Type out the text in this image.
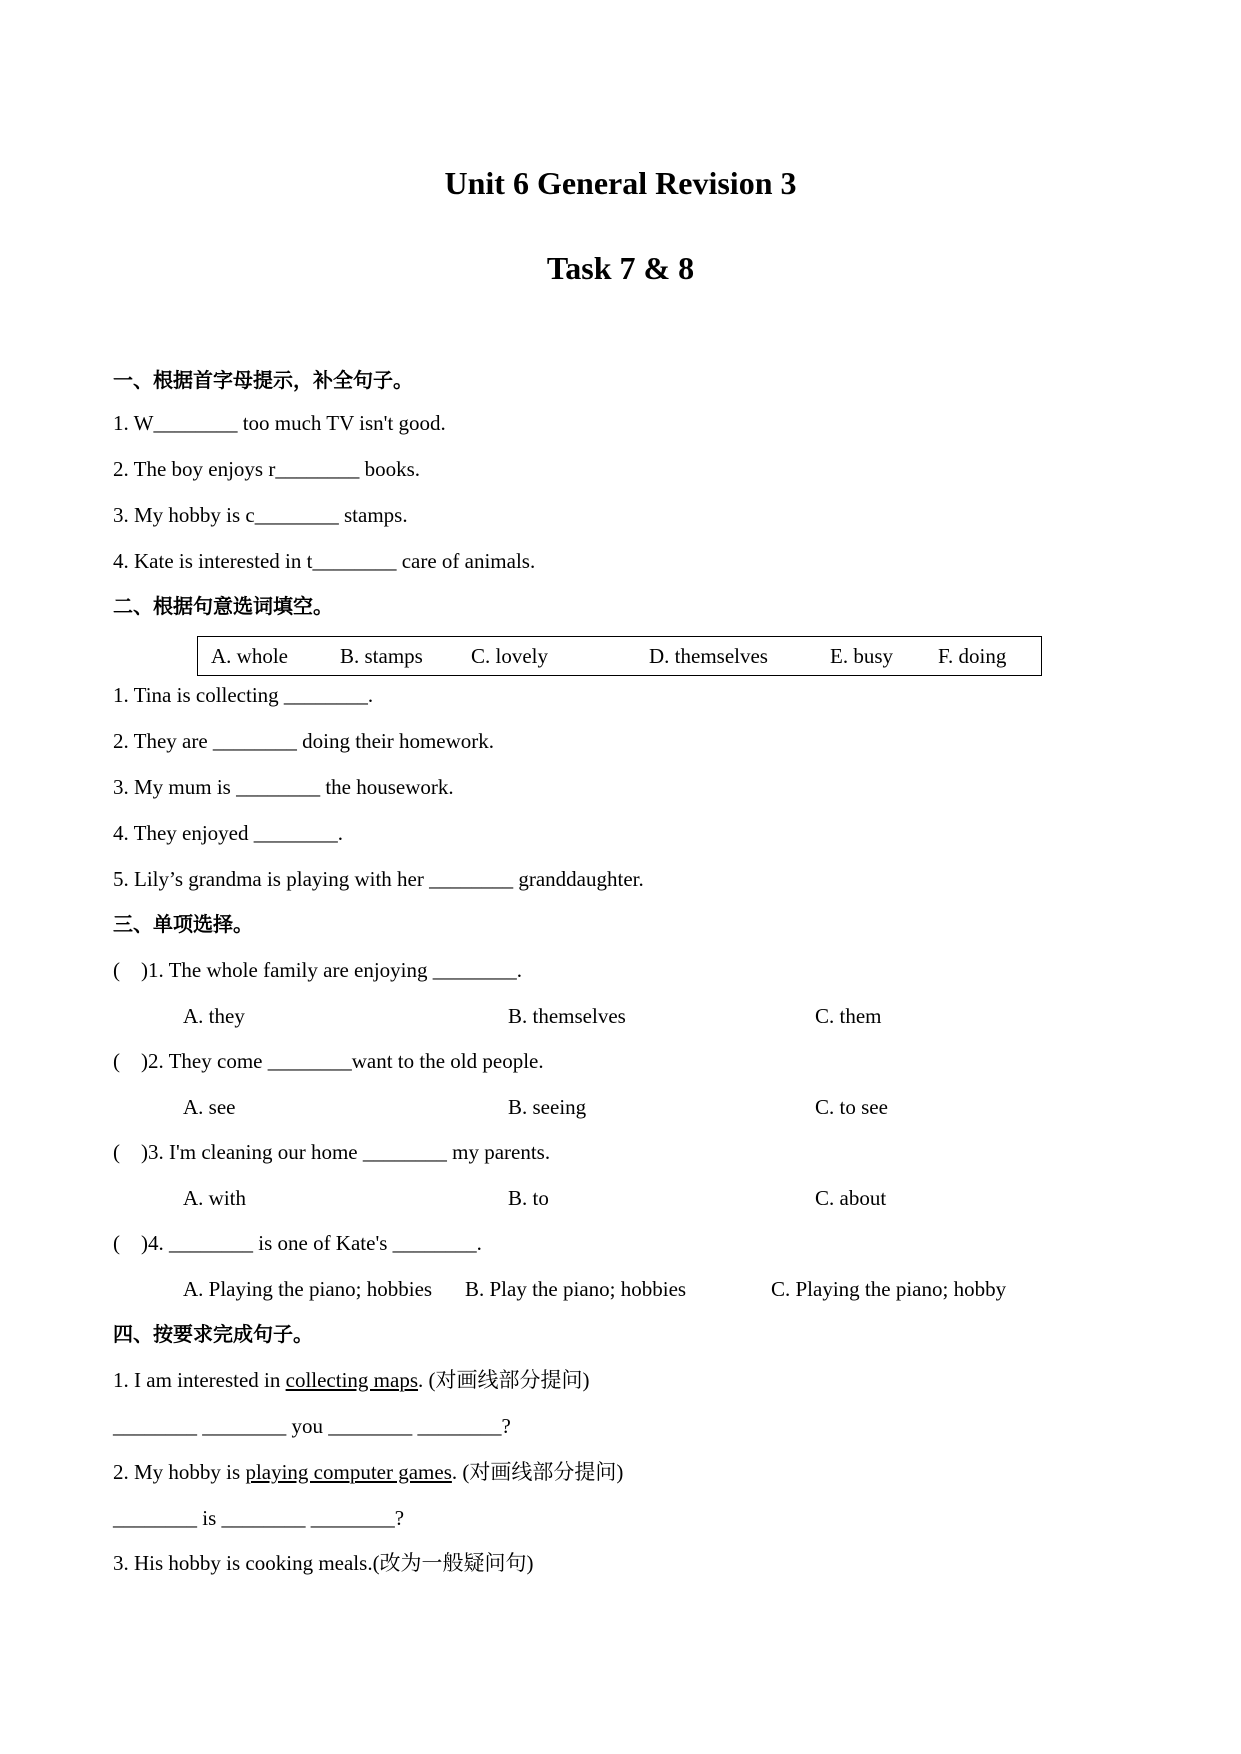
Unit 6 General Revision 3
Task 7 & 8
一、根据首字母提示，补全句子。
1. W________ too much TV isn't good.
2. The boy enjoys r________ books.
3. My hobby is c________ stamps.
4. Kate is interested in t________ care of animals.
二、根据句意选词填空。
A. whole B. stamps C. lovely	D. themselves	E. busy F. doing
1. Tina is collecting ________.
2. They are ________ doing their homework.
3. My mum is ________ the housework.
4. They enjoyed ________.
5. Lily’s grandma is playing with her ________ granddaughter.
三、单项选择。
(    )1. The whole family are enjoying ________.
A. they	B. themselves	C. them
(    )2. They come ________want to the old people.
A. see	B. seeing	C. to see
(    )3. I'm cleaning our home ________ my parents.
A. with	B. to	C. about
(    )4. ________ is one of Kate's ________.
A. Playing the piano; hobbies B. Play the piano; hobbies	C. Playing the piano; hobby
四、按要求完成句子。
1. I am interested in collecting maps. (对画线部分提问)
________ ________ you ________ ________?
2. My hobby is playing computer games. (对画线部分提问)
________ is ________ ________?
3. His hobby is cooking meals.(改为一般疑问句)
